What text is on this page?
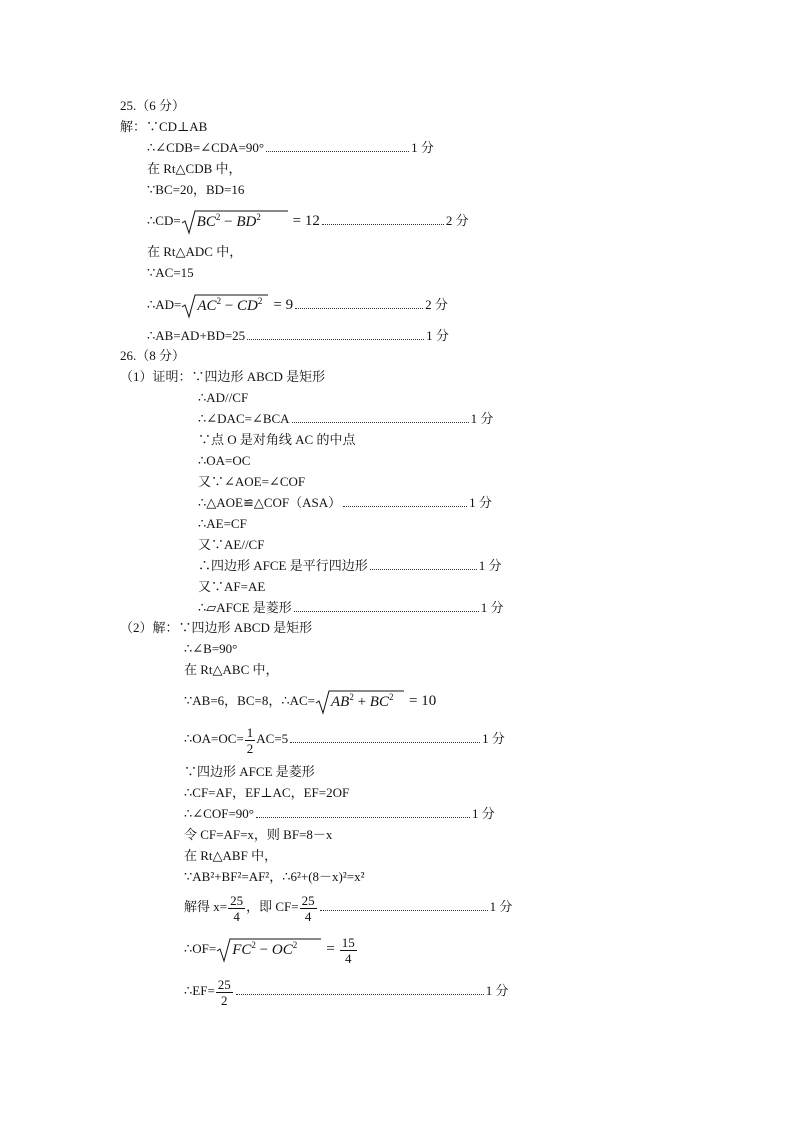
25.（6 分）
解：∵CD⊥AB
∴∠CDB=∠CDA=90°	1 分
在 Rt△CDB 中，
∵BC=20，BD=16
∴CD= $BC^2 - BD^2 = 12$	2 分
在 Rt△ADC 中，
∵AC=15
∴AD= $AC^2 - CD^2 = 9$	2 分
∴AB=AD+BD=25	1 分
26.（8 分）
（1）证明：∵四边形 ABCD 是矩形
∴AD//CF
∴∠DAC=∠BCA	1 分
∵点 O 是对角线 AC 的中点
∴OA=OC
又∵∠AOE=∠COF
∴△AOE≌△COF（ASA）	1 分
∴AE=CF
又∵AE//CF
∴四边形 AFCE 是平行四边形	1 分
又∵AF=AE
∴▱AFCE 是菱形	1 分
（2）解：∵四边形 ABCD 是矩形
∴∠B=90°
在 Rt△ABC 中，
∵AB=6，BC=8，∴AC= $AB^2 + BC^2 = 10$
∴OA=OC= $\frac{1}{2} AC=5$	1 分
∵四边形 AFCE 是菱形
∴CF=AF，EF⊥AC，EF=2OF
∴∠COF=90°	1 分
令 CF=AF=x，则 BF=8－x
在 Rt△ABF 中，
∵AB²+BF²=AF²，∴6²+(8－x)²=x²
解得 $x= \frac{25}{4}$ ，即 $CF= \frac{25}{4}$	1 分
∴OF= $FC^2 - OC^2 = \frac{15}{4}$
∴EF= $\frac{25}{2}$	1 分
